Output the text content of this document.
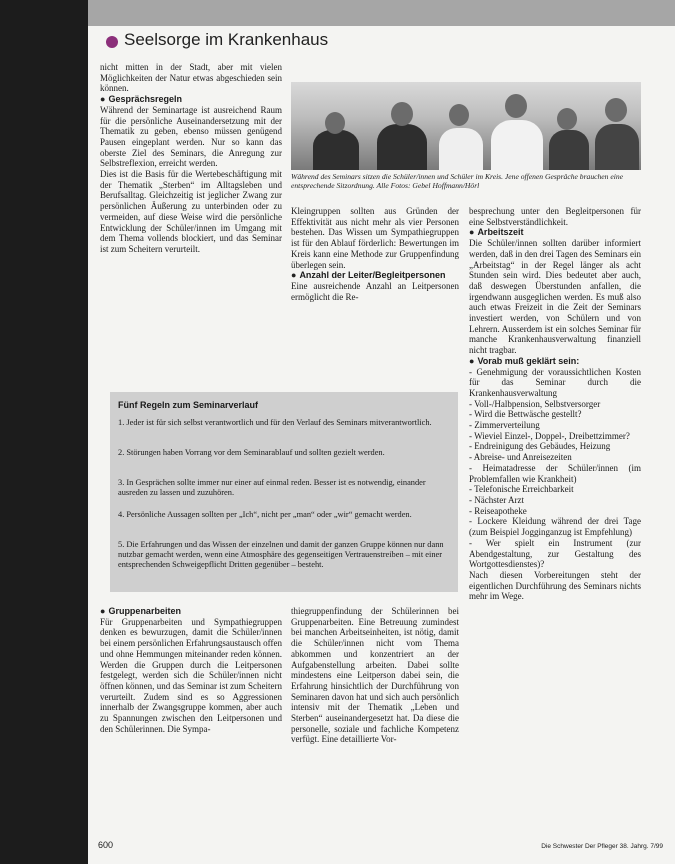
Seelsorge im Krankenhaus

nicht mitten in der Stadt, aber mit vielen Möglichkeiten der Natur etwas abgeschieden sein können.

● Gesprächsregeln

Während der Seminartage ist ausreichend Raum für die persönliche Auseinandersetzung mit der Thematik zu geben, ebenso müssen genügend Pausen eingeplant werden. Nur so kann das oberste Ziel des Seminars, die Anregung zur Selbstreflexion, erreicht werden.

Dies ist die Basis für die Wertebeschäftigung mit der Thematik „Sterben“ im Alltagsleben und Berufsalltag. Gleichzeitig ist jeglicher Zwang zur persönlichen Äußerung zu unterbinden oder zu vermeiden, auf diese Weise wird die persönliche Entwicklung der Schüler/innen im Umgang mit dem Thema vollends blockiert, und das Seminar ist zum Scheitern verurteilt.

Während des Seminars sitzen die Schüler/innen und Schüler im Kreis. Jene offenen Gespräche brauchen eine entsprechende Sitzordnung. Alle Fotos: Gebel Hoffmann/Hörl

Kleingruppen sollten aus Gründen der Effektivität aus nicht mehr als vier Personen bestehen. Das Wissen um Sympathiegruppen ist für den Ablauf förderlich: Bewertungen im Kreis kann eine Methode zur Gruppenfindung überlegen sein.

● Anzahl der Leiter/Begleitpersonen

Eine ausreichende Anzahl an Leitpersonen ermöglicht die Re-

besprechung unter den Begleitpersonen für eine Selbstverständlichkeit.

● Arbeitszeit

Die Schüler/innen sollten darüber informiert werden, daß in den drei Tagen des Seminars ein „Arbeitstag“ in der Regel länger als acht Stunden sein wird. Dies bedeutet aber auch, daß deswegen Überstunden anfallen, die irgendwann ausgeglichen werden. Es muß also auch etwas Freizeit in die Zeit der Seminars investiert werden, von Schülern und von Lehrern. Ausserdem ist ein solches Seminar für manche Krankenhausverwaltung finanziell nicht tragbar.

● Vorab muß geklärt sein:

- Genehmigung der voraussichtlichen Kosten für das Seminar durch die Krankenhausverwaltung

- Voll-/Halbpension, Selbstversorger

- Wird die Bettwäsche gestellt?

- Zimmerverteilung

- Wieviel Einzel-, Doppel-, Dreibettzimmer?

- Endreinigung des Gebäudes, Heizung

- Abreise- und Anreisezeiten

- Heimatadresse der Schüler/innen (im Problemfallen wie Krankheit)

- Telefonische Erreichbarkeit

- Nächster Arzt

- Reiseapotheke

- Lockere Kleidung während der drei Tage (zum Beispiel Jogginganzug ist Empfehlung)

- Wer spielt ein Instrument (zur Abendgestaltung, zur Gestaltung des Wortgottesdienstes)?

Nach diesen Vorbereitungen steht der eigentlichen Durchführung des Seminars nichts mehr im Wege.

Fünf Regeln zum Seminarverlauf
1. Jeder ist für sich selbst verantwortlich und für den Verlauf des Seminars mitverantwortlich.
2. Störungen haben Vorrang vor dem Seminarablauf und sollten gezielt werden.
3. In Gesprächen sollte immer nur einer auf einmal reden. Besser ist es notwendig, einander ausreden zu lassen und zuzuhören.
4. Persönliche Aussagen sollten per „Ich“, nicht per „man“ oder „wir“ gemacht werden.
5. Die Erfahrungen und das Wissen der einzelnen und damit der ganzen Gruppe können nur dann nutzbar gemacht werden, wenn eine Atmosphäre des gegenseitigen Vertrauenstreiben – mit einer entsprechenden Schweigepflicht Dritten gegenüber – besteht.

● Gruppenarbeiten

Für Gruppenarbeiten und Sympathiegruppen denken es bewurzugen, damit die Schüler/innen bei einem persönlichen Erfahrungsaustausch offen und ohne Hemmungen miteinander reden können. Werden die Gruppen durch die Leitpersonen festgelegt, werden sich die Schüler/innen nicht öffnen können, und das Seminar ist zum Scheitern verurteilt. Zudem sind es so Aggressionen innerhalb der Zwangsgruppe kommen, aber auch zu Spannungen zwischen den Leitpersonen und den Schülerinnen. Die Sympa-

thiegruppenfindung der Schülerinnen bei Gruppenarbeiten. Eine Betreuung zumindest bei manchen Arbeitseinheiten, ist nötig, damit die Schüler/innen nicht vom Thema abkommen und konzentriert an der Aufgabenstellung arbeiten. Dabei sollte mindestens eine Leitperson dabei sein, die Erfahrung hinsichtlich der Durchführung von Seminaren davon hat und sich auch persönlich intensiv mit der Thematik „Leben und Sterben“ auseinandergesetzt hat. Da diese die personelle, soziale und fachliche Kompetenz verfügt. Eine detaillierte Vor-

600	Die Schwester Der Pfleger 38. Jahrg. 7/99
